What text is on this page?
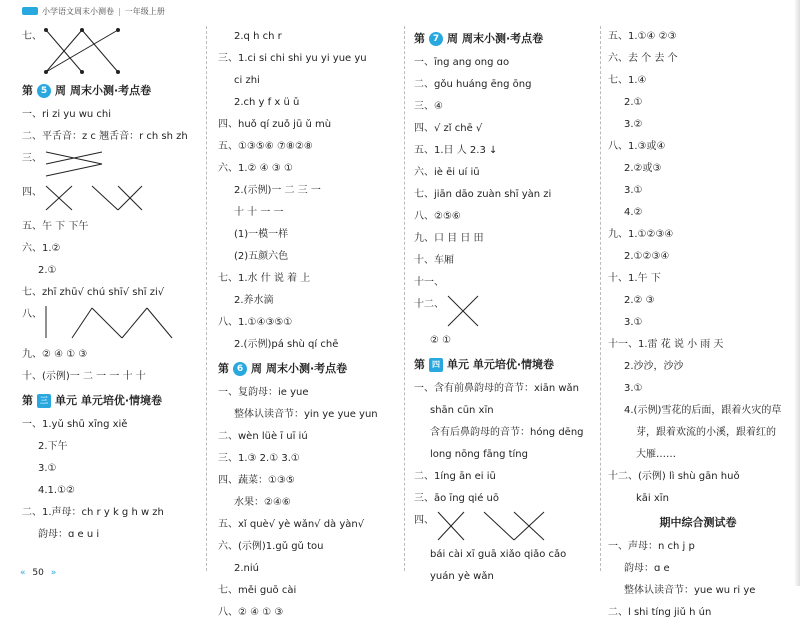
小学语文周末小测卷 | 一年级上册
七、
第 5 周 周末小测·考点卷
一、ri zi yu wu chi
二、平舌音：z c 翘舌音：r ch sh zh
三、
四、
五、午 下 下午
六、1.②
2.①
七、zhī zhū√ chú shī√ shī zi√
八、
九、② ④ ① ③
十、(示例)一 二 一 一 十 十
第 三 单元 单元培优·情境卷
一、1.yǔ shū xīng xiě
2.下午
3.①
4.1.①②
二、1.声母：ch r y k g h w zh
韵母：ɑ e u i
2.q h ch r
三、1.ci si chi shi yu yi yue yu
ci zhi
2.ch y f x ü ǔ
四、huǒ qí zuǒ jū ǔ mù
五、①③⑤⑥ ⑦⑧②⑧
六、1.② ④ ③ ①
2.(示例)一 二 三 一
十 十 一 一
(1)一模一样
(2)五颜六色
七、1.水 什 说 着 上
2.养水滴
八、1.①④③⑤①
2.(示例)pá shù qí chē
第 6 周 周末小测·考点卷
一、复韵母：ie yue
整体认读音节：yin ye yue yun
二、wèn lüè ī uī iú
三、1.③ 2.① 3.①
四、蔬菜：①③⑤
水果：②④⑥
五、xǐ què√ yè wǎn√ dà yàn√
六、(示例)1.gǔ gǔ tou
2.niú
七、měi guō cài
八、② ④ ① ③
第 7 周 周末小测·考点卷
一、īng ang ong ɑo
二、gǒu huáng ēng ōng
三、④
四、√ zǐ chē √
五、1.日 人 2.3 ↓
六、iè ēi uí iū
七、jiān dāo zuàn shī yàn zi
八、②⑤⑥
九、口 目 日 田
十、车厢
十一、
十二、
② ①
第 四 单元 单元培优·情境卷
一、含有前鼻韵母的音节：xiān wǎn
shān cūn xīn
含有后鼻韵母的音节：hóng dēng
long nōng fāng tíng
二、1íng ān ei iū
三、āo īng qié uō
四、
bái cài xī guā xiǎo qiǎo cǎo
yuán yè wǎn
五、1.①④ ②③
六、去 个 去 个
七、1.④
2.①
3.②
八、1.③或④
2.②或③
3.①
4.②
九、1.①②③④
2.①②③④
十、1.午 下
2.② ③
3.①
十一、1.雷 花 说 小 雨 天
2.沙沙，沙沙
3.①
4.(示例)雪花的后面，跟着火灾的草
芽，跟着欢流的小溪，跟着红的
大雁……
十二、(示例) lì shù gān huǒ
kāi xīn
期中综合测试卷
一、声母：n ch j p
韵母：ɑ e
整体认读音节：yue wu ri ye
二、l shi tíng jiǔ h ún
« 50 »
